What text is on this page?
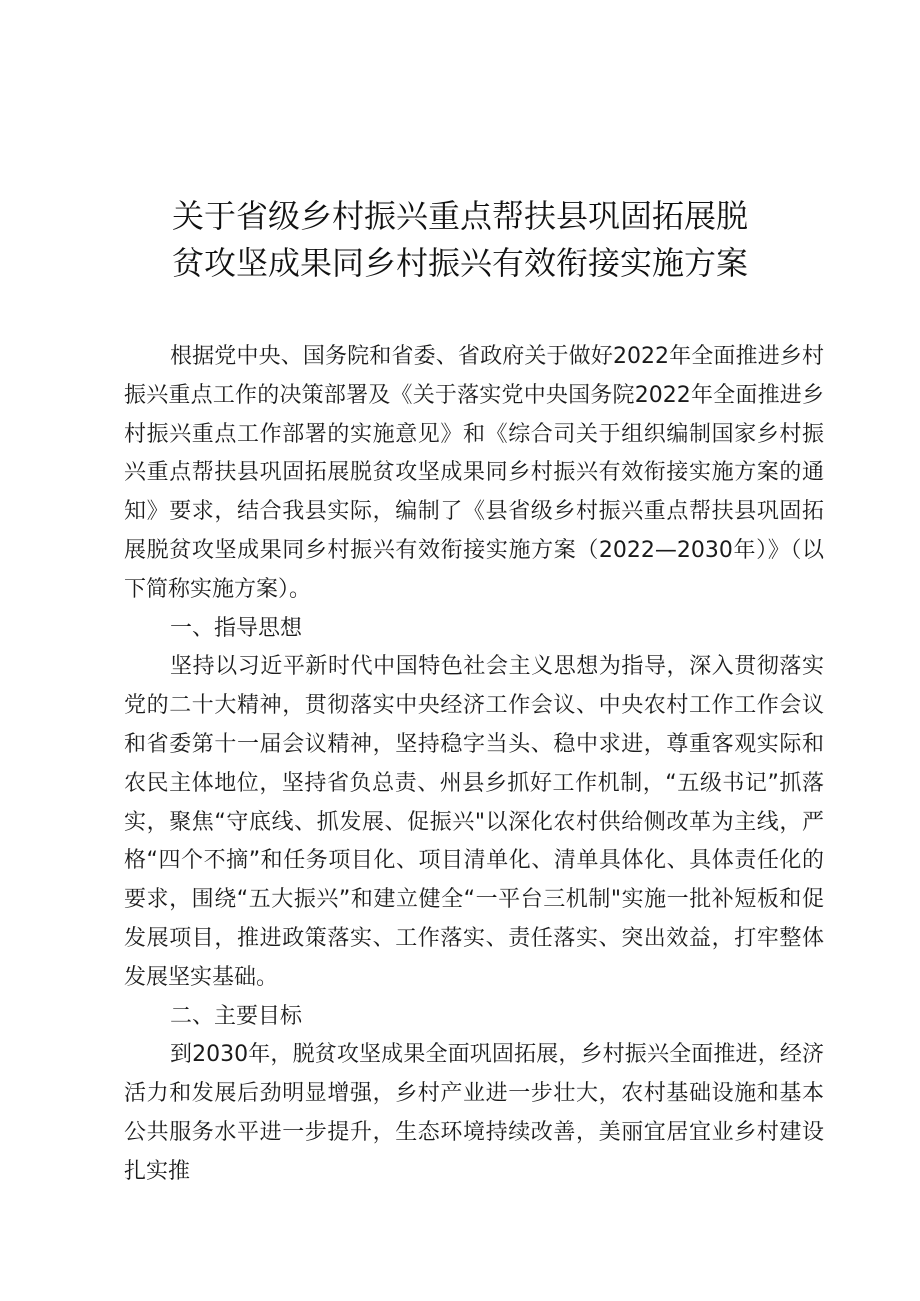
关于省级乡村振兴重点帮扶县巩固拓展脱
贫攻坚成果同乡村振兴有效衔接实施方案

根据党中央、国务院和省委、省政府关于做好2022年全面推进乡村振兴重点工作的决策部署及《关于落实党中央国务院2022年全面推进乡村振兴重点工作部署的实施意见》和《综合司关于组织编制国家乡村振兴重点帮扶县巩固拓展脱贫攻坚成果同乡村振兴有效衔接实施方案的通知》要求，结合我县实际，编制了《县省级乡村振兴重点帮扶县巩固拓展脱贫攻坚成果同乡村振兴有效衔接实施方案（2022—2030年）》（以下简称实施方案）。

一、指导思想

坚持以习近平新时代中国特色社会主义思想为指导，深入贯彻落实党的二十大精神，贯彻落实中央经济工作会议、中央农村工作工作会议和省委第十一届会议精神，坚持稳字当头、稳中求进，尊重客观实际和农民主体地位，坚持省负总责、州县乡抓好工作机制，“五级书记”抓落实，聚焦“守底线、抓发展、促振兴"以深化农村供给侧改革为主线，严格“四个不摘”和任务项目化、项目清单化、清单具体化、具体责任化的要求，围绕“五大振兴”和建立健全“一平台三机制"实施一批补短板和促发展项目，推进政策落实、工作落实、责任落实、突出效益，打牢整体发展坚实基础。

二、主要目标

到2030年，脱贫攻坚成果全面巩固拓展，乡村振兴全面推进，经济活力和发展后劲明显增强，乡村产业进一步壮大，农村基础设施和基本公共服务水平进一步提升，生态环境持续改善，美丽宜居宜业乡村建设扎实推
